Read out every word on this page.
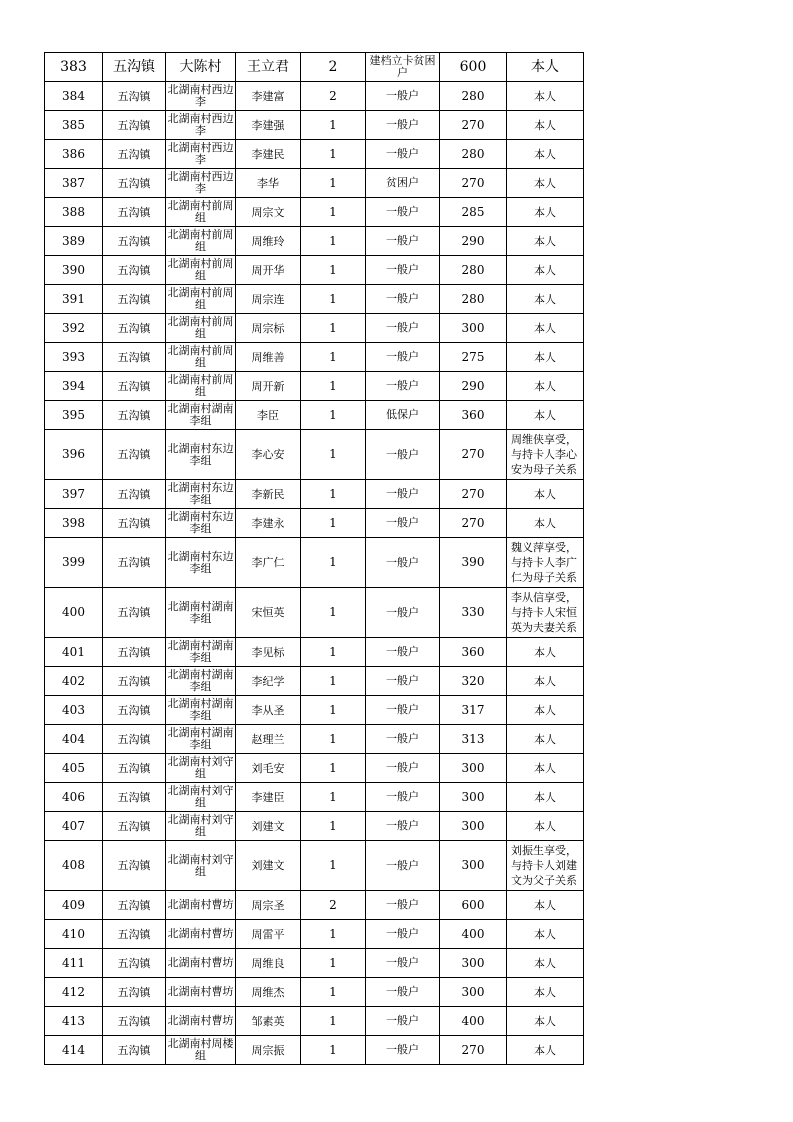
383	五沟镇	大陈村	王立君	2	建档立卡贫困户	600	本人
384	五沟镇	北湖南村西边李	李建富	2	一般户	280	本人
385	五沟镇	北湖南村西边李	李建强	1	一般户	270	本人
386	五沟镇	北湖南村西边李	李建民	1	一般户	280	本人
387	五沟镇	北湖南村西边李	李华	1	贫困户	270	本人
388	五沟镇	北湖南村前周组	周宗文	1	一般户	285	本人
389	五沟镇	北湖南村前周组	周维玲	1	一般户	290	本人
390	五沟镇	北湖南村前周组	周开华	1	一般户	280	本人
391	五沟镇	北湖南村前周组	周宗连	1	一般户	280	本人
392	五沟镇	北湖南村前周组	周宗标	1	一般户	300	本人
393	五沟镇	北湖南村前周组	周维善	1	一般户	275	本人
394	五沟镇	北湖南村前周组	周开新	1	一般户	290	本人
395	五沟镇	北湖南村湖南李组	李臣	1	低保户	360	本人
396	五沟镇	北湖南村东边李组	李心安	1	一般户	270	周维侠享受，与持卡人李心安为母子关系

397	五沟镇	北湖南村东边李组	李新民	1	一般户	270	本人
398	五沟镇	北湖南村东边李组	李建永	1	一般户	270	本人
399	五沟镇	北湖南村东边李组	李广仁	1	一般户	390	魏义萍享受，与持卡人李广仁为母子关系

400	五沟镇	北湖南村湖南李组	宋恒英	1	一般户	330	李从信享受，与持卡人宋恒英为夫妻关系

401	五沟镇	北湖南村湖南李组	李见标	1	一般户	360	本人
402	五沟镇	北湖南村湖南李组	李纪学	1	一般户	320	本人
403	五沟镇	北湖南村湖南李组	李从圣	1	一般户	317	本人
404	五沟镇	北湖南村湖南李组	赵理兰	1	一般户	313	本人
405	五沟镇	北湖南村刘守组	刘毛安	1	一般户	300	本人
406	五沟镇	北湖南村刘守组	李建臣	1	一般户	300	本人
407	五沟镇	北湖南村刘守组	刘建文	1	一般户	300	本人
408	五沟镇	北湖南村刘守组	刘建文	1	一般户	300	刘振生享受，与持卡人刘建文为父子关系

409	五沟镇	北湖南村曹坊	周宗圣	2	一般户	600	本人
410	五沟镇	北湖南村曹坊	周雷平	1	一般户	400	本人
411	五沟镇	北湖南村曹坊	周维良	1	一般户	300	本人
412	五沟镇	北湖南村曹坊	周维杰	1	一般户	300	本人
413	五沟镇	北湖南村曹坊	邹素英	1	一般户	400	本人
414	五沟镇	北湖南村周楼组	周宗振	1	一般户	270	本人
